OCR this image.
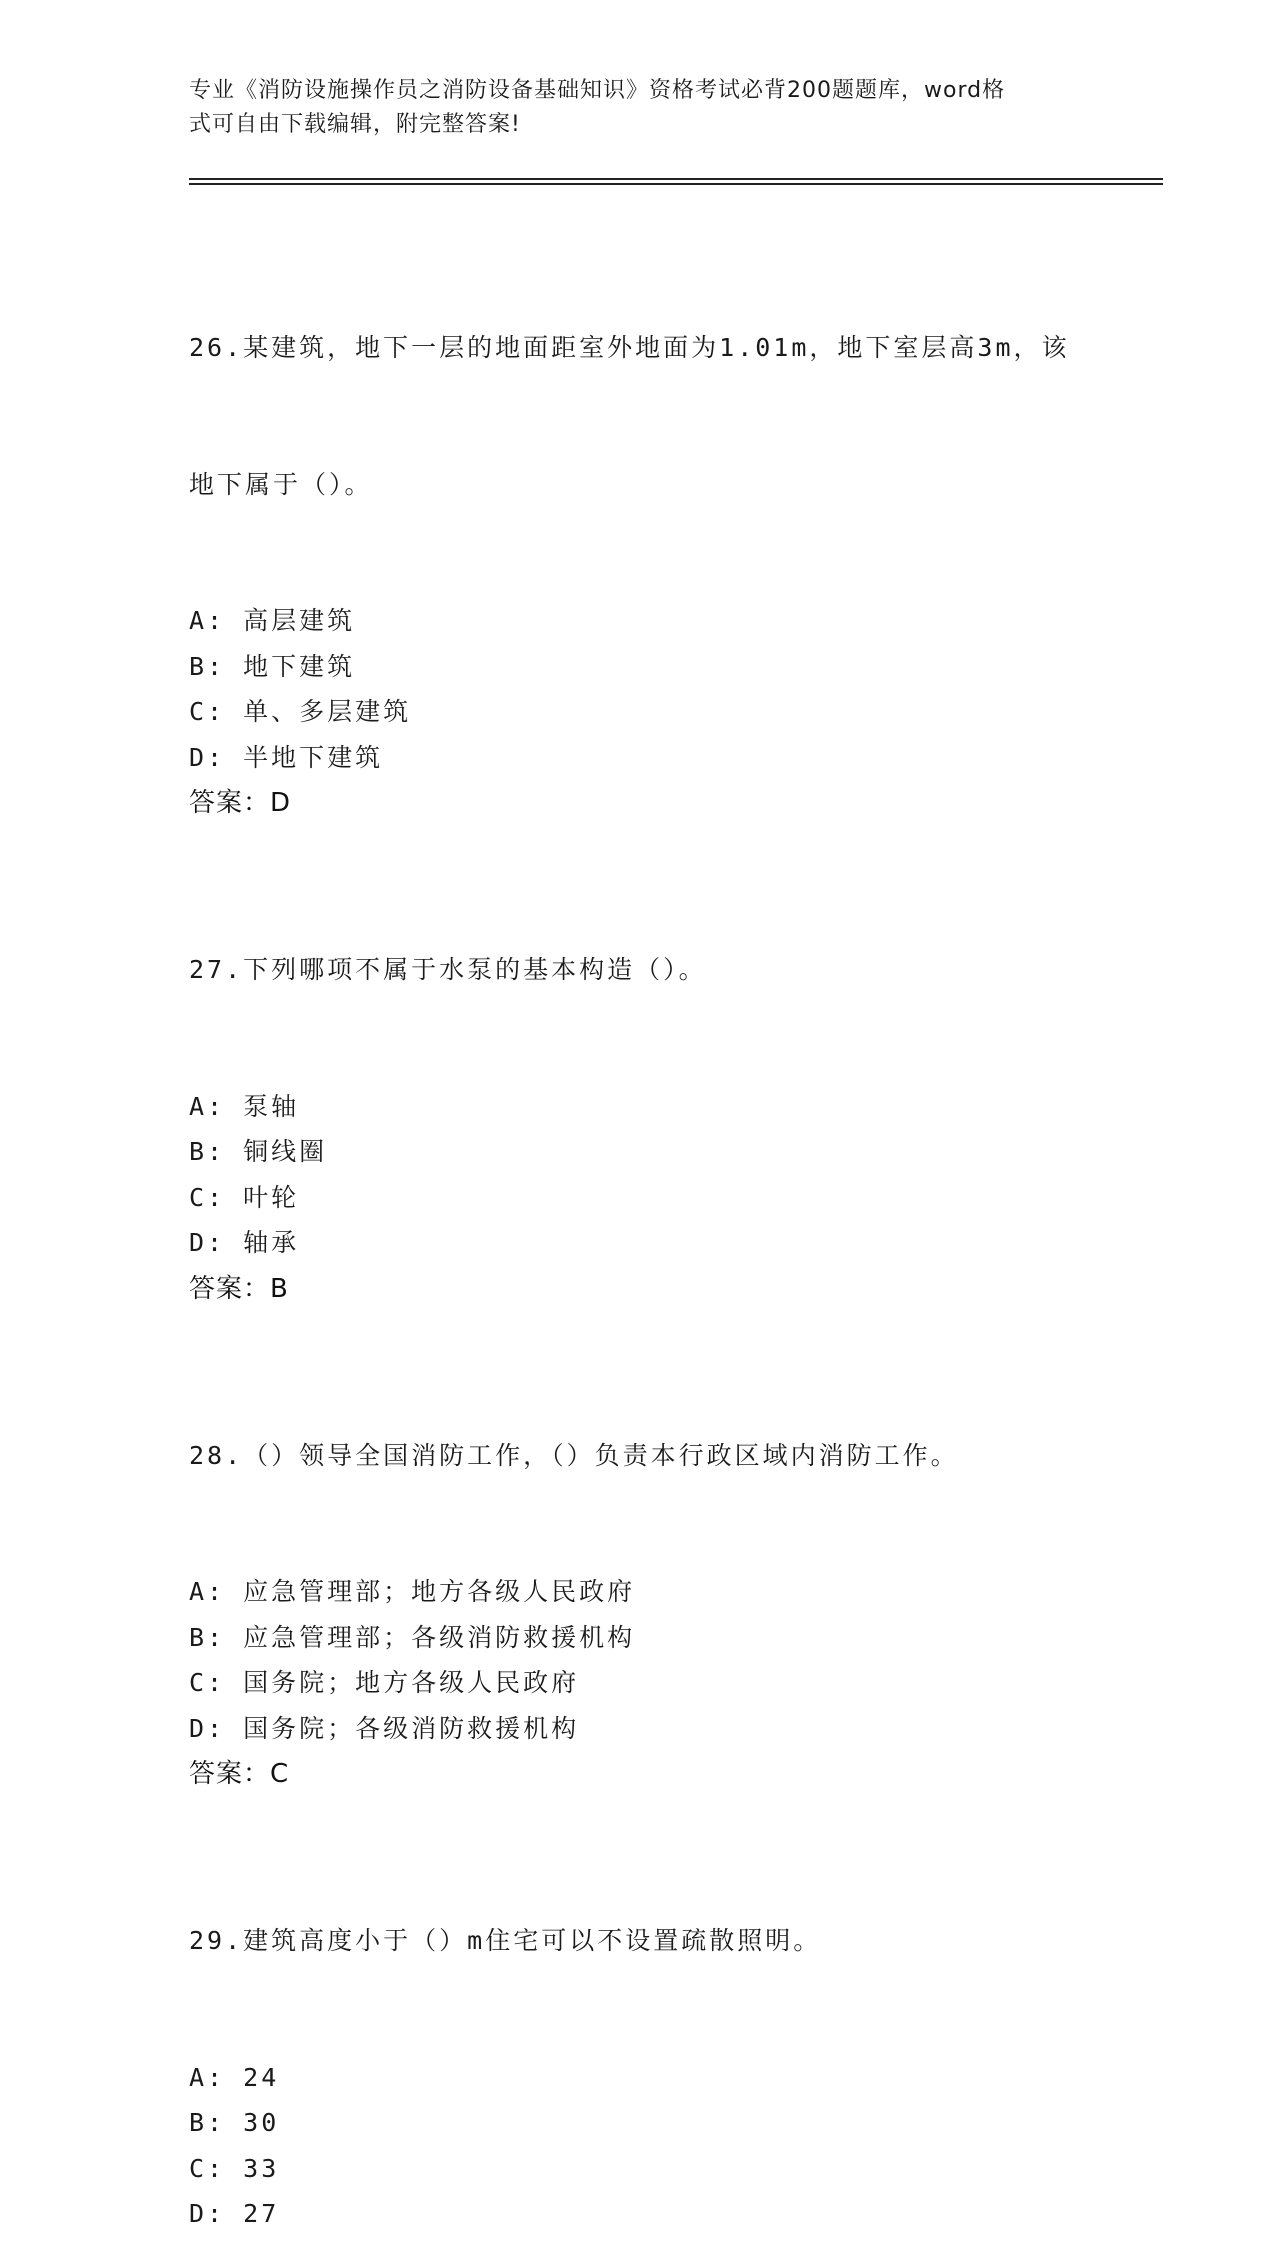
专业《消防设施操作员之消防设备基础知识》资格考试必背200题题库，word格
式可自由下载编辑，附完整答案!

26.某建筑，地下一层的地面距室外地面为1.01m，地下室层高3m，该

地下属于（）。

A: 高层建筑
B: 地下建筑
C: 单、多层建筑
D: 半地下建筑
答案：D

27.下列哪项不属于水泵的基本构造（）。

A: 泵轴
B: 铜线圈
C: 叶轮
D: 轴承
答案：B

28.（）领导全国消防工作，（）负责本行政区域内消防工作。

A: 应急管理部；地方各级人民政府
B: 应急管理部；各级消防救援机构
C: 国务院；地方各级人民政府
D: 国务院；各级消防救援机构
答案：C

29.建筑高度小于（）m住宅可以不设置疏散照明。

A: 24
B: 30
C: 33
D: 27
